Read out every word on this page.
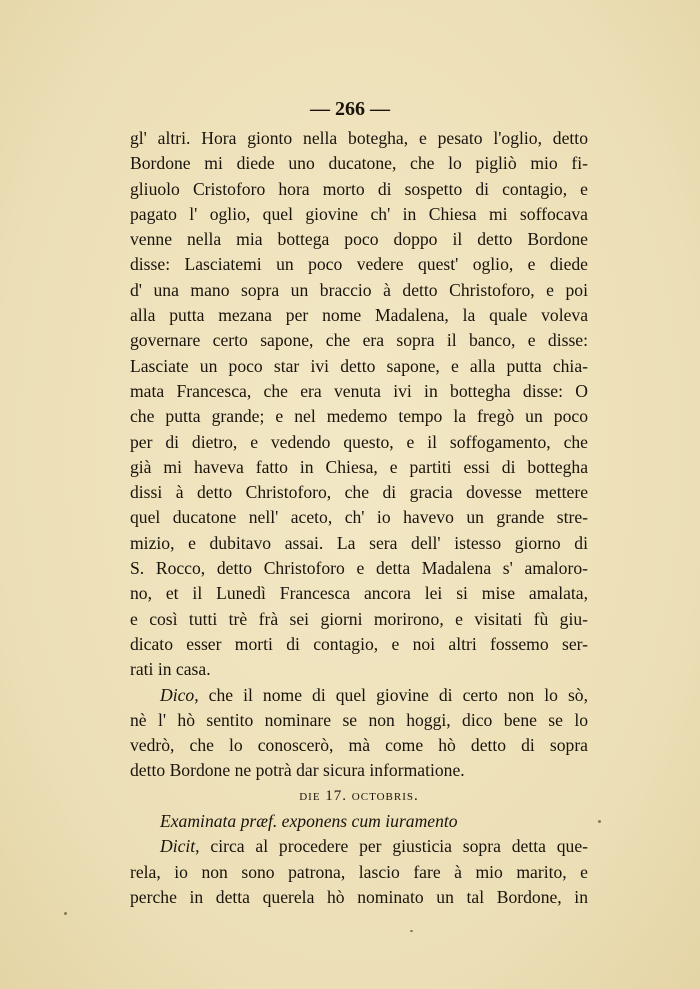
— 266 —
gl' altri. Hora gionto nella botegha, e pesato l'oglio, detto
Bordone mi diede uno ducatone, che lo pigliò mio fi-
gliuolo Cristoforo hora morto di sospetto di contagio, e
pagato l' oglio, quel giovine ch' in Chiesa mi soffocava
venne nella mia bottega poco doppo il detto Bordone
disse: Lasciatemi un poco vedere quest' oglio, e diede
d' una mano sopra un braccio à detto Christoforo, e poi
alla putta mezana per nome Madalena, la quale voleva
governare certo sapone, che era sopra il banco, e disse:
Lasciate un poco star ivi detto sapone, e alla putta chia-
mata Francesca, che era venuta ivi in bottegha disse: O
che putta grande; e nel medemo tempo la fregò un poco
per di dietro, e vedendo questo, e il soffogamento, che
già mi haveva fatto in Chiesa, e partiti essi di bottegha
dissi à detto Christoforo, che di gracia dovesse mettere
quel ducatone nell' aceto, ch' io havevo un grande stre-
mizio, e dubitavo assai. La sera dell' istesso giorno di
S. Rocco, detto Christoforo e detta Madalena s' amaloro-
no, et il Lunedì Francesca ancora lei si mise amalata,
e così tutti trè frà sei giorni morirono, e visitati fù giu-
dicato esser morti di contagio, e noi altri fossemo ser-
rati in casa.
Dico, che il nome di quel giovine di certo non lo sò,
nè l' hò sentito nominare se non hoggi, dico bene se lo
vedrò, che lo conoscerò, mà come hò detto di sopra
detto Bordone ne potrà dar sicura informatione.
die 17. octobris.
Examinata præf. exponens cum iuramento
Dicit, circa al procedere per giusticia sopra detta que-
rela, io non sono patrona, lascio fare à mio marito, e
perche in detta querela hò nominato un tal Bordone, in
